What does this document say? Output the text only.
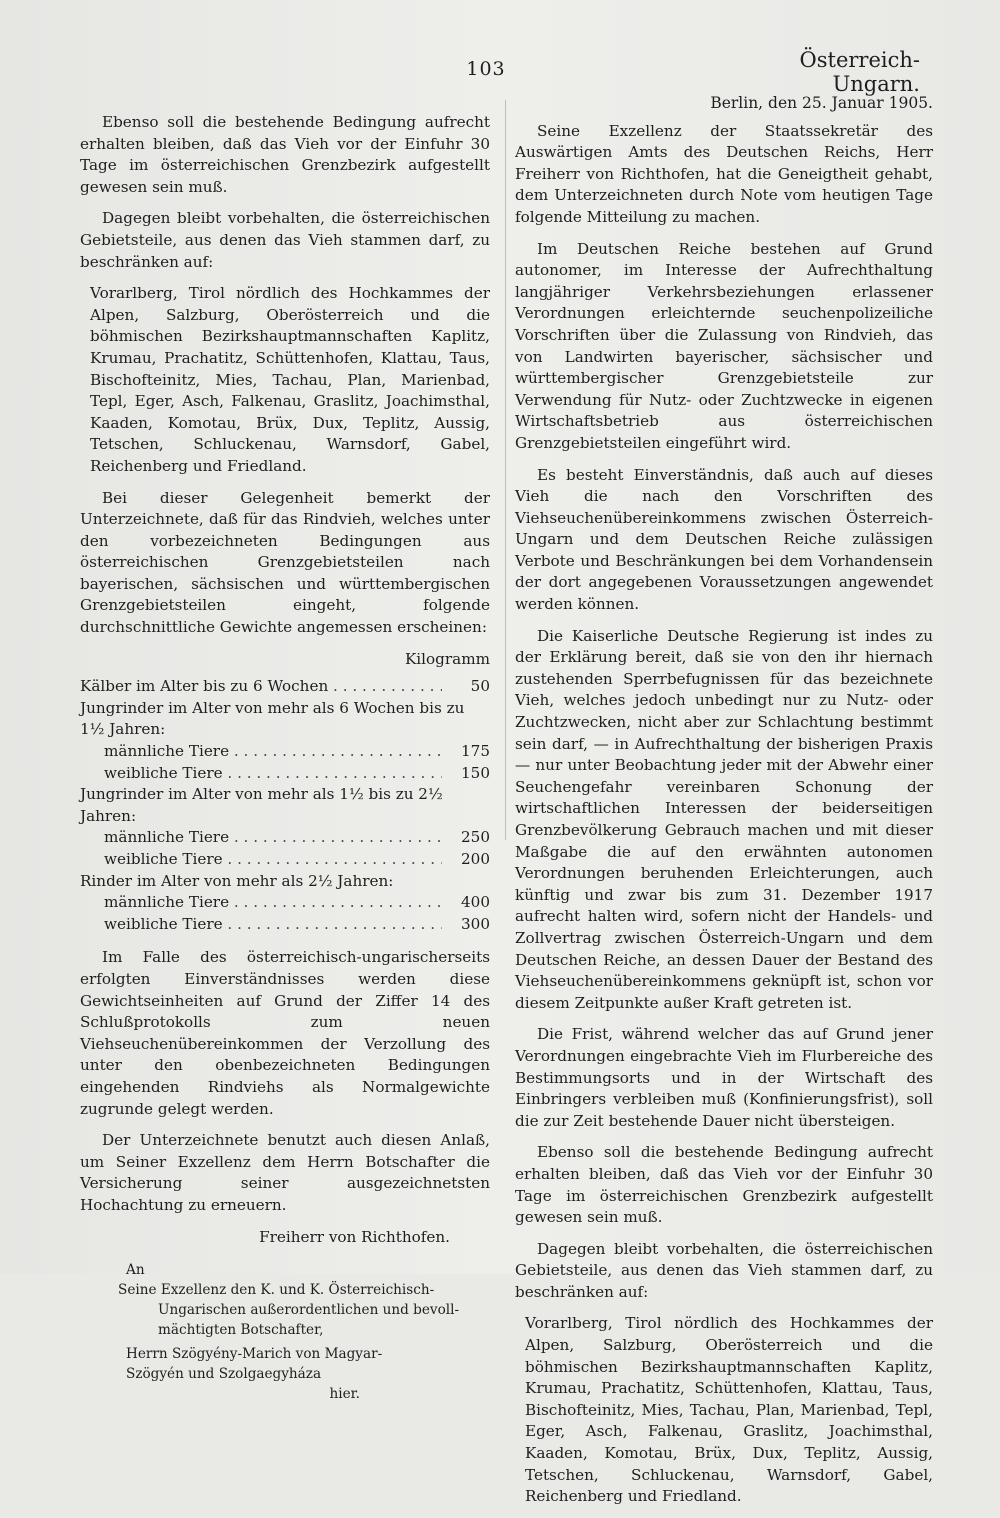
103	Österreich-Ungarn.

Ebenso soll die bestehende Bedingung aufrecht erhalten bleiben, daß das Vieh vor der Einfuhr 30 Tage im österreichischen Grenzbezirk aufgestellt gewesen sein muß.

Dagegen bleibt vorbehalten, die österreichischen Gebietsteile, aus denen das Vieh stammen darf, zu beschränken auf:

Vorarlberg, Tirol nördlich des Hochkammes der Alpen, Salzburg, Oberösterreich und die böhmischen Bezirkshauptmannschaften Kaplitz, Krumau, Prachatitz, Schüttenhofen, Klattau, Taus, Bischofteinitz, Mies, Tachau, Plan, Marienbad, Tepl, Eger, Asch, Falkenau, Graslitz, Joachimsthal, Kaaden, Komotau, Brüx, Dux, Teplitz, Aussig, Tetschen, Schluckenau, Warnsdorf, Gabel, Reichenberg und Friedland.

Bei dieser Gelegenheit bemerkt der Unterzeichnete, daß für das Rindvieh, welches unter den vorbezeichneten Bedingungen aus österreichischen Grenzgebietsteilen nach bayerischen, sächsischen und württembergischen Grenzgebietsteilen eingeht, folgende durchschnittliche Gewichte angemessen erscheinen:

Kilogramm
Kälber im Alter bis zu 6 Wochen . . .	50
Jungrinder im Alter von mehr als 6 Wochen bis zu 1½ Jahren:
männliche Tiere . . .	175
weibliche Tiere . . .	150
Jungrinder im Alter von mehr als 1½ bis zu 2½ Jahren:
männliche Tiere . . .	250
weibliche Tiere . . .	200
Rinder im Alter von mehr als 2½ Jahren:
männliche Tiere . . .	400
weibliche Tiere . . .	300

Im Falle des österreichisch-ungarischerseits erfolgten Einverständnisses werden diese Gewichtseinheiten auf Grund der Ziffer 14 des Schlußprotokolls zum neuen Viehseuchenübereinkommen der Verzollung des unter den obenbezeichneten Bedingungen eingehenden Rindviehs als Normalgewichte zugrunde gelegt werden.

Der Unterzeichnete benutzt auch diesen Anlaß, um Seiner Exzellenz dem Herrn Botschafter die Versicherung seiner ausgezeichnetsten Hochachtung zu erneuern.

Freiherr von Richthofen.
An
Seine Exzellenz den K. und K. Österreichisch-
Ungarischen außerordentlichen und bevoll-
mächtigten Botschafter,
Herrn Szögyény-Marich von Magyar-
Szögyén und Szolgaegyháza
hier.
Berlin, den 25. Januar 1905.

Seine Exzellenz der Staatssekretär des Auswärtigen Amts des Deutschen Reichs, Herr Freiherr von Richthofen, hat die Geneigtheit gehabt, dem Unterzeichneten durch Note vom heutigen Tage folgende Mitteilung zu machen.

Im Deutschen Reiche bestehen auf Grund autonomer, im Interesse der Aufrechthaltung langjähriger Verkehrsbeziehungen erlassener Verordnungen erleichternde seuchenpolizeiliche Vorschriften über die Zulassung von Rindvieh, das von Landwirten bayerischer, sächsischer und württembergischer Grenzgebietsteile zur Verwendung für Nutz- oder Zuchtzwecke in eigenen Wirtschaftsbetrieb aus österreichischen Grenzgebietsteilen eingeführt wird.

Es besteht Einverständnis, daß auch auf dieses Vieh die nach den Vorschriften des Viehseuchenübereinkommens zwischen Österreich-Ungarn und dem Deutschen Reiche zulässigen Verbote und Beschränkungen bei dem Vorhandensein der dort angegebenen Voraussetzungen angewendet werden können.

Die Kaiserliche Deutsche Regierung ist indes zu der Erklärung bereit, daß sie von den ihr hiernach zustehenden Sperrbefugnissen für das bezeichnete Vieh, welches jedoch unbedingt nur zu Nutz- oder Zuchtzwecken, nicht aber zur Schlachtung bestimmt sein darf, — in Aufrechthaltung der bisherigen Praxis — nur unter Beobachtung jeder mit der Abwehr einer Seuchengefahr vereinbaren Schonung der wirtschaftlichen Interessen der beiderseitigen Grenzbevölkerung Gebrauch machen und mit dieser Maßgabe die auf den erwähnten autonomen Verordnungen beruhenden Erleichterungen, auch künftig und zwar bis zum 31. Dezember 1917 aufrecht halten wird, sofern nicht der Handels- und Zollvertrag zwischen Österreich-Ungarn und dem Deutschen Reiche, an dessen Dauer der Bestand des Viehseuchenübereinkommens geknüpft ist, schon vor diesem Zeitpunkte außer Kraft getreten ist.

Die Frist, während welcher das auf Grund jener Verordnungen eingebrachte Vieh im Flurbereiche des Bestimmungsorts und in der Wirtschaft des Einbringers verbleiben muß (Konfinierungsfrist), soll die zur Zeit bestehende Dauer nicht übersteigen.

Ebenso soll die bestehende Bedingung aufrecht erhalten bleiben, daß das Vieh vor der Einfuhr 30 Tage im österreichischen Grenzbezirk aufgestellt gewesen sein muß.

Dagegen bleibt vorbehalten, die österreichischen Gebietsteile, aus denen das Vieh stammen darf, zu beschränken auf:

Vorarlberg, Tirol nördlich des Hochkammes der Alpen, Salzburg, Oberösterreich und die böhmischen Bezirkshauptmannschaften Kaplitz, Krumau, Prachatitz, Schüttenhofen, Klattau, Taus, Bischofteinitz, Mies, Tachau, Plan, Marienbad, Tepl, Eger, Asch, Falkenau, Graslitz, Joachimsthal, Kaaden, Komotau, Brüx, Dux, Teplitz, Aussig, Tetschen, Schluckenau, Warnsdorf, Gabel, Reichenberg und Friedland.
